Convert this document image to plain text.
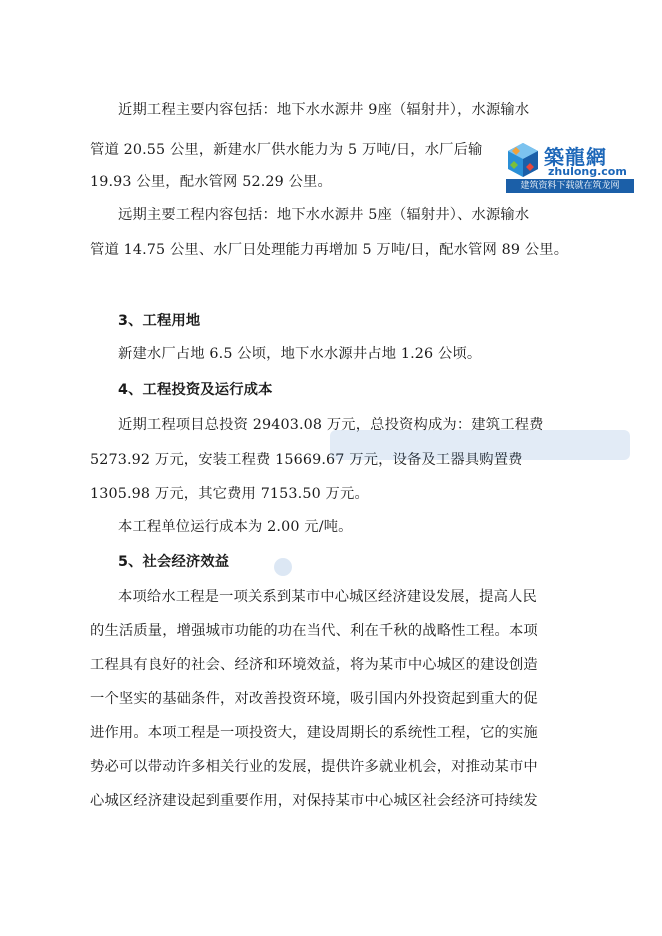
近期工程主要内容包括：地下水水源井 9座（辐射井），水源输水
管道 20.55 公里，新建水厂供水能力为 5 万吨/日，水厂后输
19.93 公里，配水管网 52.29 公里。
远期主要工程内容包括：地下水水源井 5座（辐射井）、水源输水
管道 14.75 公里、水厂日处理能力再增加 5 万吨/日，配水管网 89 公里。
3、工程用地
新建水厂占地 6.5 公顷，地下水水源井占地 1.26 公顷。
4、工程投资及运行成本
近期工程项目总投资 29403.08 万元，总投资构成为：建筑工程费
5273.92 万元，安装工程费 15669.67 万元，设备及工器具购置费
1305.98 万元，其它费用 7153.50 万元。
本工程单位运行成本为 2.00 元/吨。
5、社会经济效益
本项给水工程是一项关系到某市中心城区经济建设发展，提高人民
的生活质量，增强城市功能的功在当代、利在千秋的战略性工程。本项
工程具有良好的社会、经济和环境效益，将为某市中心城区的建设创造
一个坚实的基础条件，对改善投资环境，吸引国内外投资起到重大的促
进作用。本项工程是一项投资大，建设周期长的系统性工程，它的实施
势必可以带动许多相关行业的发展，提供许多就业机会，对推动某市中
心城区经济建设起到重要作用，对保持某市中心城区社会经济可持续发
築龍網
zhulong.com
建筑资料下载就在筑龙网
